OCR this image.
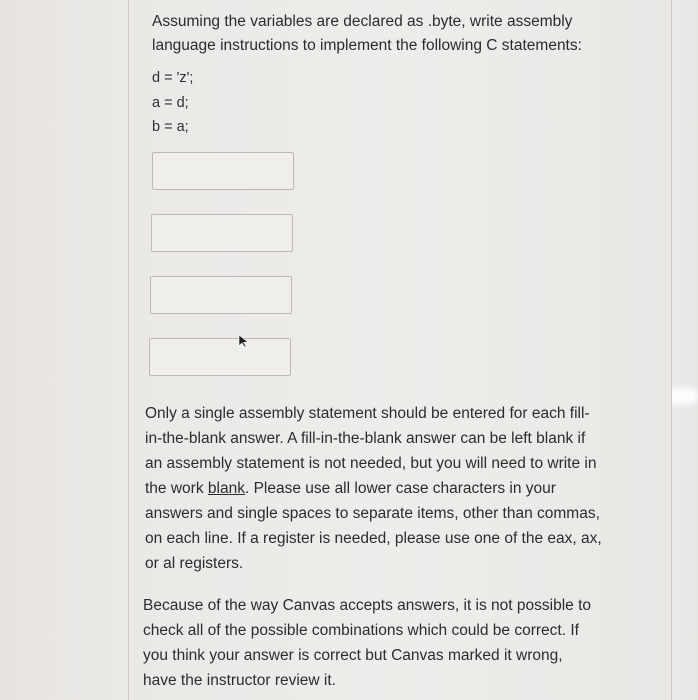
Assuming the variables are declared as .byte, write assembly
language instructions to implement the following C statements:
d = 'z';
a = d;
b = a;
Only a single assembly statement should be entered for each fill-
in-the-blank answer. A fill-in-the-blank answer can be left blank if
an assembly statement is not needed, but you will need to write in
the work blank. Please use all lower case characters in your
answers and single spaces to separate items, other than commas,
on each line. If a register is needed, please use one of the eax, ax,
or al registers.
Because of the way Canvas accepts answers, it is not possible to
check all of the possible combinations which could be correct. If
you think your answer is correct but Canvas marked it wrong,
have the instructor review it.
